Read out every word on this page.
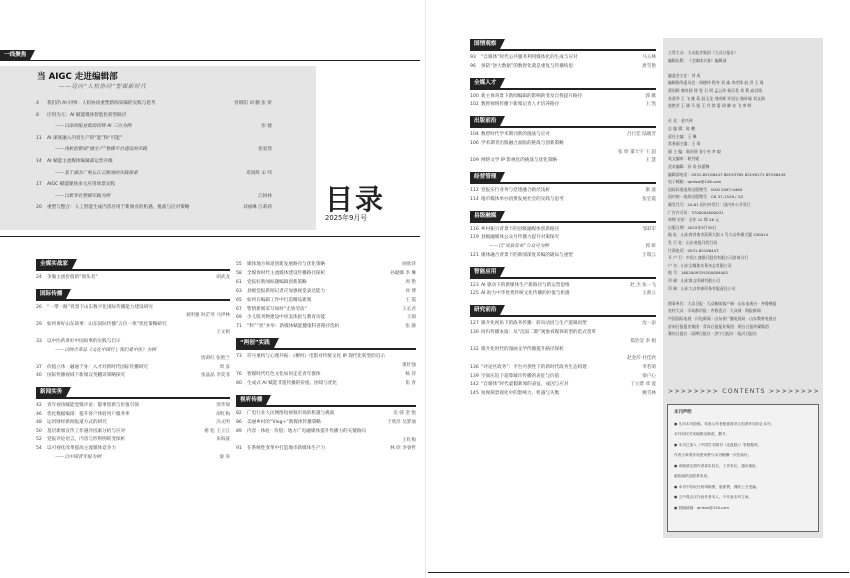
一线聚焦
当 AIGC 走进编辑部
——迈向“人机协同”智媒新时代
4 我们的 AI 同事：人机协同重塑新闻采编的实践与思考	曾朝阳 刘 鹏 张 妍
8 应用为王：AI 赋能媒体智能化转型路径
——以深圳报业集团读特 AI 三台为例	彭 婕
11 AI 深度融入内容生产的“能”和“可能”
——浅析把新闻“做生产”智媒平台建设的实践	张家然
14 AI 赋能主流媒体编辑部运营升级
——基于湖北广电长江云新闻的实践探索	邓国辉 宋 纬
17 AIGC 赋能媒体多元应用场景实践
——以新华社智媒实践为例	江树林
20 重塑与整合：人工智能生成内容应用于新闻业的机遇、挑战与应对策略	刘丽琳 江莉莉 目录
2025年9月号
全媒实战家
24 争做主流价值的“领头者”	胡武龙
国际传播
26 “一带一路”背景下山东数字化国际传播能力建设研究
刘明强 时茫琴 马伊林
29 如何讲好山东故事：山东国际传播“五位一体”优化策略研究
王文娟
33 以中医药讲好中国故事的实践与启示
——以纳吉亚品《文化中国行 | 我们爱中医》为例
唐莉红 张艳兰
37 价值立体 · 融通于身：入才对新时代国际传播研究	周 彦
40 国际传播视域下新闻汉英翻译策略探究	张晶晶 李奕菲
新闻实务
42 青年视角赋能党媒评论：都事创新与价值引领	汤华瑞
46 优化数据编排：提升客户体验用户服务率	胡红梅
48 运用财经新闻报道方式的研究	冯文明
50 基层新闻宣传工作遇冷因素分析与应对	褚 松 王立江
52 党报评论语言、内容与形则例转变探析	朱海波
54 以可视化改革提高主流媒体竞争力
——以中国青年报为例	秦 涛
55 媒体地方频道创新发展路径与优化策略	曲欣萍
58 全媒体时代主流媒体建设传播路径探析	孙聪娜 李 琳
61 党报好新闻标题编辑创新策略	周 艳
63 县级党报新闻记者应加强视觉表达能力	孙 博
65 如何在编辑工作中打造精品新闻	王 霞
67 警情新闻采写如何“无效劳动”	王长君
69 少儿版刊物建设中审美体验与教育功能	王锦
71 “科”“普”并举：新媒体赋能健康科普路径选析	张 静
“两创”实践
73 符号重构与心理共振：《柳村》电影对传统文化 IP 现代化转型的启示
康红强
76 智媒时代红色文化如何走近青年群体	杨 萍
80 生成式 AI 赋能非遗传播的价值、困境与优化	崔 青
视听传播
82 广电行业人民网络短视频市场的机遇与挑战	史 韩 金 悦
86 美丽乡村的“Vlog+”新媒体传播策略	于欣洋 吴梦通
89 内容 · 体验 · 价值：地方广电融媒体提升传播力的关键路向
王红梅
91 在系统性变革中打造地市新媒体生产力	林 欣 李睿哲
国情观察
93 “自媒体”时代公共服务利用媒体化的生成与应对	马玉林
96 预防“逆大数据”的数智化就是重复与传播构思	唐雪艳
全媒人才
100 新主体背景下新闻编辑的影响转变及自我提升路径	郭 歌
102 数智视域传播下新闻记者人才培养路径	王 凯
出版前沿
104 数智时代学术期刊新的挑战与应对	吕行佳 陆晓芳
106 学术期刊出版融合面临的挑战与创新策略
张 欣 董天宇 王 超
109 网络文学 IP 影视化的挑战与优化策略	王 慧
经营管理
112 党报实行业务与党建融合路径浅析	康 波
114 地市媒体单办消费发展社会的实践与思考	张宏霞
县级融媒
116 乡村振兴背景下的县级融媒体创新路径	邹彩军
119 县级融媒体公众号传播力提升对策探究
——以“岚县发布”公众号为例	郭 妍
121 媒体融合背景下的新闻深度采编的破局与重塑	王瑞云
智能应用
123 AI 驱动下的新媒体生产新路径与新运营思维	赵 杰 张一飞
125 AI 助力中华优秀传统文化传播的价值与机遇	王新立
研究前沿
127 媒介化视角下的政务传播：转向动因与生产逻辑再塑	沈一添
130 回归传播本质：从“沉寂二期”观象看媒体转型的范式变革
郑浩莹 李 娟
132 媒介化时代的漫画文学传播提升路径探析
赵金莎 杜佳欣
136 “评论区政务”：平台可供性下的新时代政务生态构建	李若萌
139 空间压迫下超算城市传播的表征与价值	梁户心
142 “自媒体”时代虚假新闻的表征、成因与应对	丁立建 邓 爱
145 短视频景观化中的影响力、机遇与失衡	姚雪林
主管主办：大众报业集团（大众日报社）
编辑出版：《全媒体实务》编辑部
编委会主任：刘 成
编辑指导委员会：周德伟 程冬 刘 淼 李彦锋 赵 洪 王 琦
贾国辉 谢奇跃 徐 雯 石 明 孟云伟 杨乐希 刘 利 高君铭
张爱华 王 飞 姚 蓉 赵玉龙 刘尚辉 许国宝 路轩瑜 刘文刚
赵艳芳 王 刚 马 旭 王 丹 徐 蕾 胡 琳 宋 飞 李 明
社 长：金兴伟
总 编 辑：陈 鹏
责任主编：王 琳
常务副主编：王 琦
副 主 编：陈伯瑶 张小杰 李 毅
英文编审：耿丹妮
美术编辑：孙 涛 孙蕾梅
编辑部电话：0531-85196447 80193785 85190171 85196449
电子邮箱：qmtsw@126.com
国际标准连续出版物号：ISSN 2097-046X
国内统一连续出版物号：CN 37-1526 / G2
邮发代号：24-61 国内外发行：国内外公开发行
广告许可证：3700004000031
每期 定价：全年 12 期 26 元
出版日期：2025年9月30日
地 址：山东省济南市泺源大街 2 号大众传媒大厦 250014
发 行 处：山东省报刊发行局
订阅电话：0531-85196447
开 户 行：中国工商银行股份有限公司济南分行
户 名：山东全媒体实务杂志有限公司
账 号：1602009329200004002
印 刷：山东鲁文印刷有限公司
印 制：山东大众华泰印务有限责任公司
理事单位：大众日报 · 大众新闻客户端 · 山东电视台 · 齐鲁晚报
农村大众 · 半岛都市报 · 齐鲁壹点 · 大众网 · 海报新闻
中国国际电视 · 闪电新闻 · 山东省广播电视局 · 山东教育电视台
济南日报报业集团 · 青岛日报报业集团 · 烟台日报传媒集团
潍坊日报社 · 淄博日报社 · 济宁日报社 · 临沂日报社
>>>>>>>> CONTENTS >>>>>>>>
本刊声明
● 凡向本刊投稿，均表示作者愿意将该文的著作权转让本刊，
本刊有权对来稿做出修改、删节。
● 本刊已加入《中国学术期刊（光盘版）》等数据库，
作者文章著作权使用费与本刊稿酬一次性给付。
● 来稿请注明作者真实姓名、工作单位、通信地址、
邮政编码及联系电话。
● 本刊不收取任何审稿费、版面费，谨防上当受骗。
● 文中观点仅代表作者本人，不代表本刊立场。
● 投稿邮箱：qmtsw@126.com
